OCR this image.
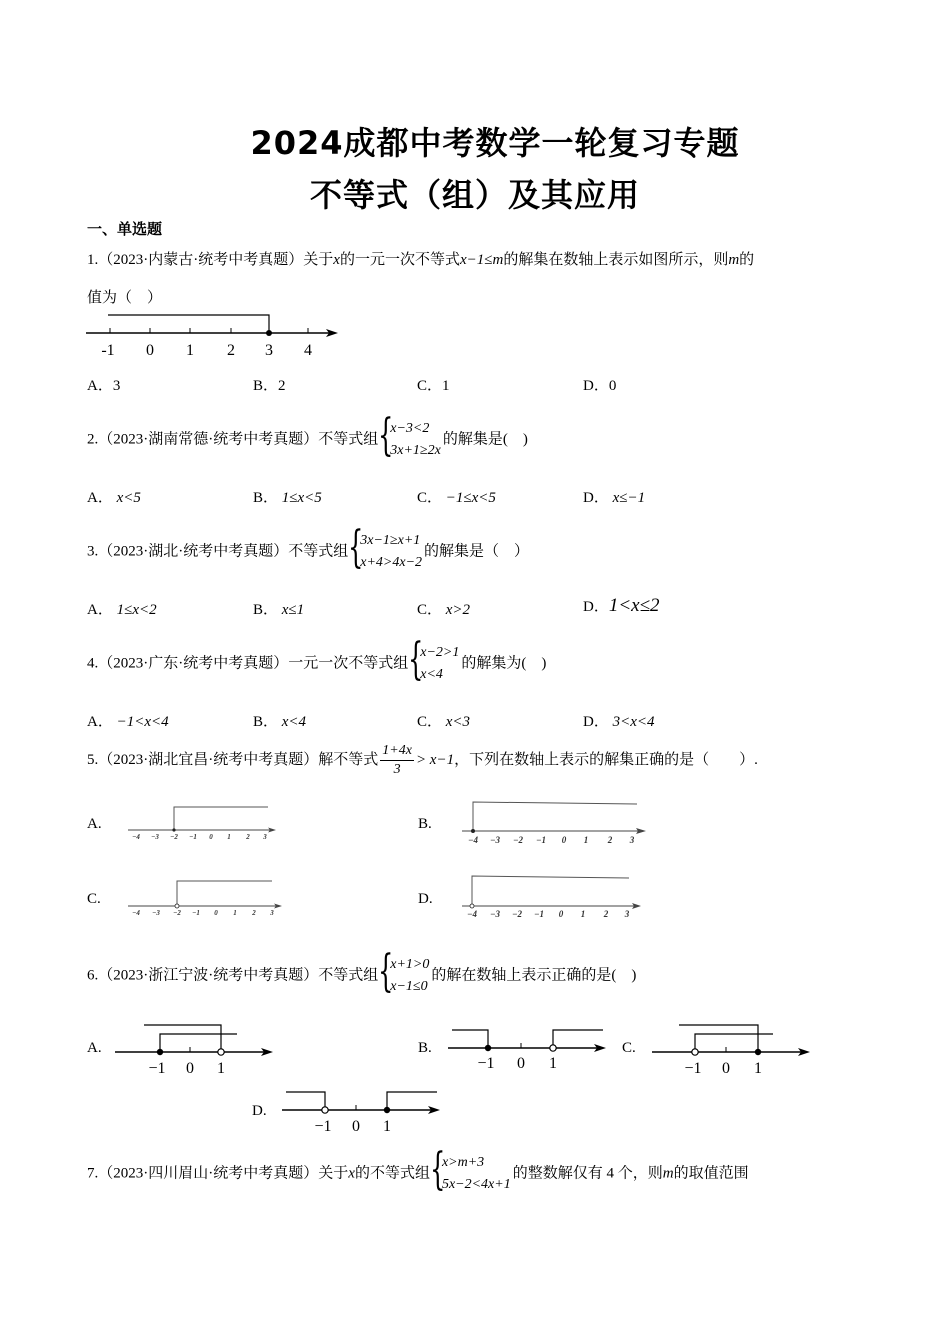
2024成都中考数学一轮复习专题
不等式（组）及其应用
一、单选题
1.（2023·内蒙古·统考中考真题）关于x的一元一次不等式x−1≤m的解集在数轴上表示如图所示，则m的
值为（　）
-1 0 1 2 3 4
A．3	B．2	C．1	D．0
2.（2023·湖南常德·统考中考真题）不等式组 {
x−3<2
3x+1≥2x
的解集是(　)
A． x<5	B． 1≤x<5	C． −1≤x<5	D． x≤−1
3.（2023·湖北·统考中考真题）不等式组 {
3x−1≥x+1
x+4>4x−2
的解集是（　）
A． 1≤x<2	B． x≤1	C． x>2	D．1<x≤2
4.（2023·广东·统考中考真题）一元一次不等式组 {
x−2>1
x<4
的解集为(　)
A． −1<x<4	B． x<4	C． x<3	D． 3<x<4
5.（2023·湖北宜昌·统考中考真题）解不等式 $\frac{1+4x}{3} > x-1$，下列在数轴上表示的解集正确的是（　　）.
A.
−4 −3 −2 −1 0 1 2 3
B.
−4 −3 −2 −1 0 1 2 3
C.
−4 −3 −2 −1 0 1 2 3
D.
−4 −3 −2 −1 0 1 2 3
6.（2023·浙江宁波·统考中考真题）不等式组 {
x+1>0
x−1≤0
的解在数轴上表示正确的是(　)
A.
−1 0 1
B.
−1 0 1
C.
−1 0 1
D.
−1 0 1
7.（2023·四川眉山·统考中考真题）关于x的不等式组 {
x>m+3
5x−2<4x+1
的整数解仅有 4 个，则m的取值范围
